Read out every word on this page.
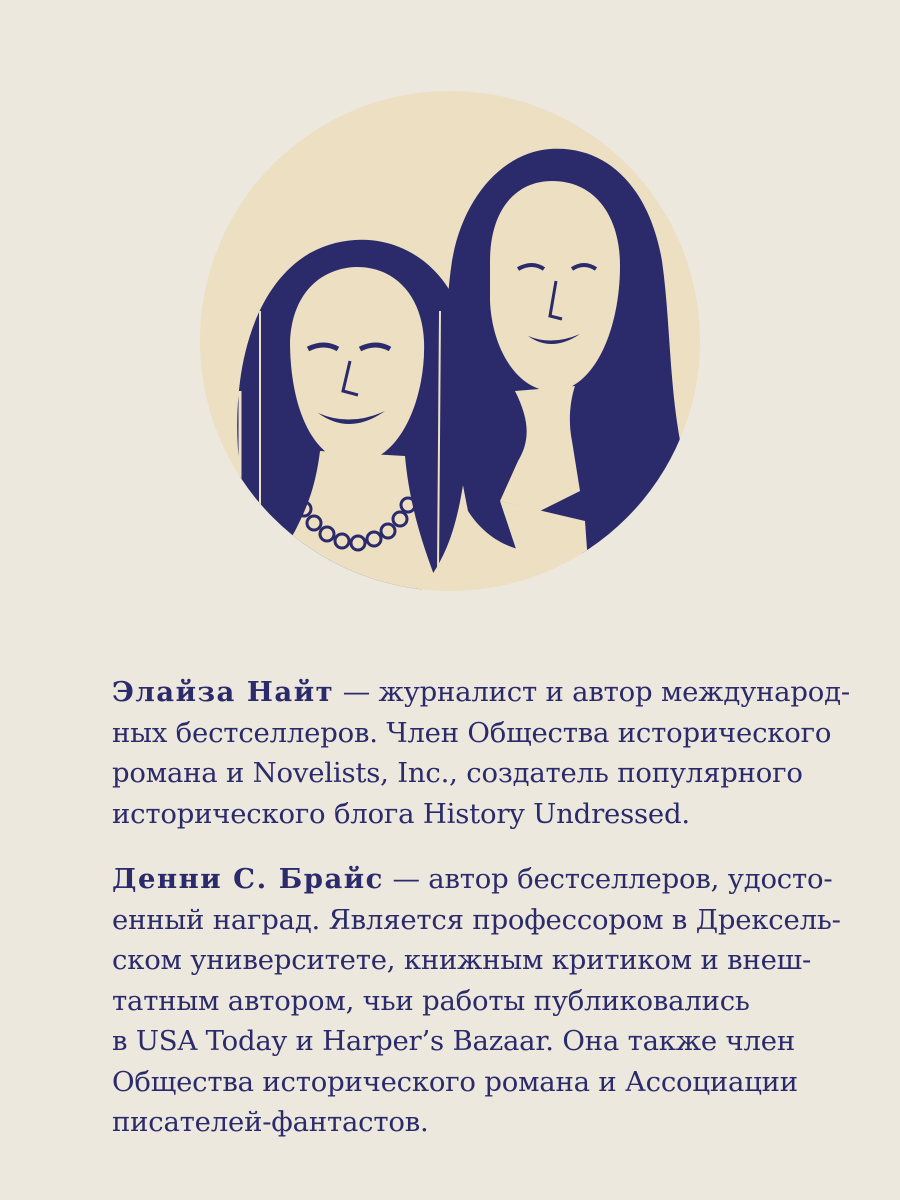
Элайза Найт — журналист и автор международ-

ных бестселлеров. Член Общества исторического

романа и Novelists, Inc., создатель популярного

исторического блога History Undressed.

Денни С. Брайс — автор бестселлеров, удосто-

енный наград. Является профессором в Дрексель-

ском университете, книжным критиком и внеш-

татным автором, чьи работы публиковались

в USA Today и Harper’s Bazaar. Она также член

Общества исторического романа и Ассоциации

писателей-фантастов.
